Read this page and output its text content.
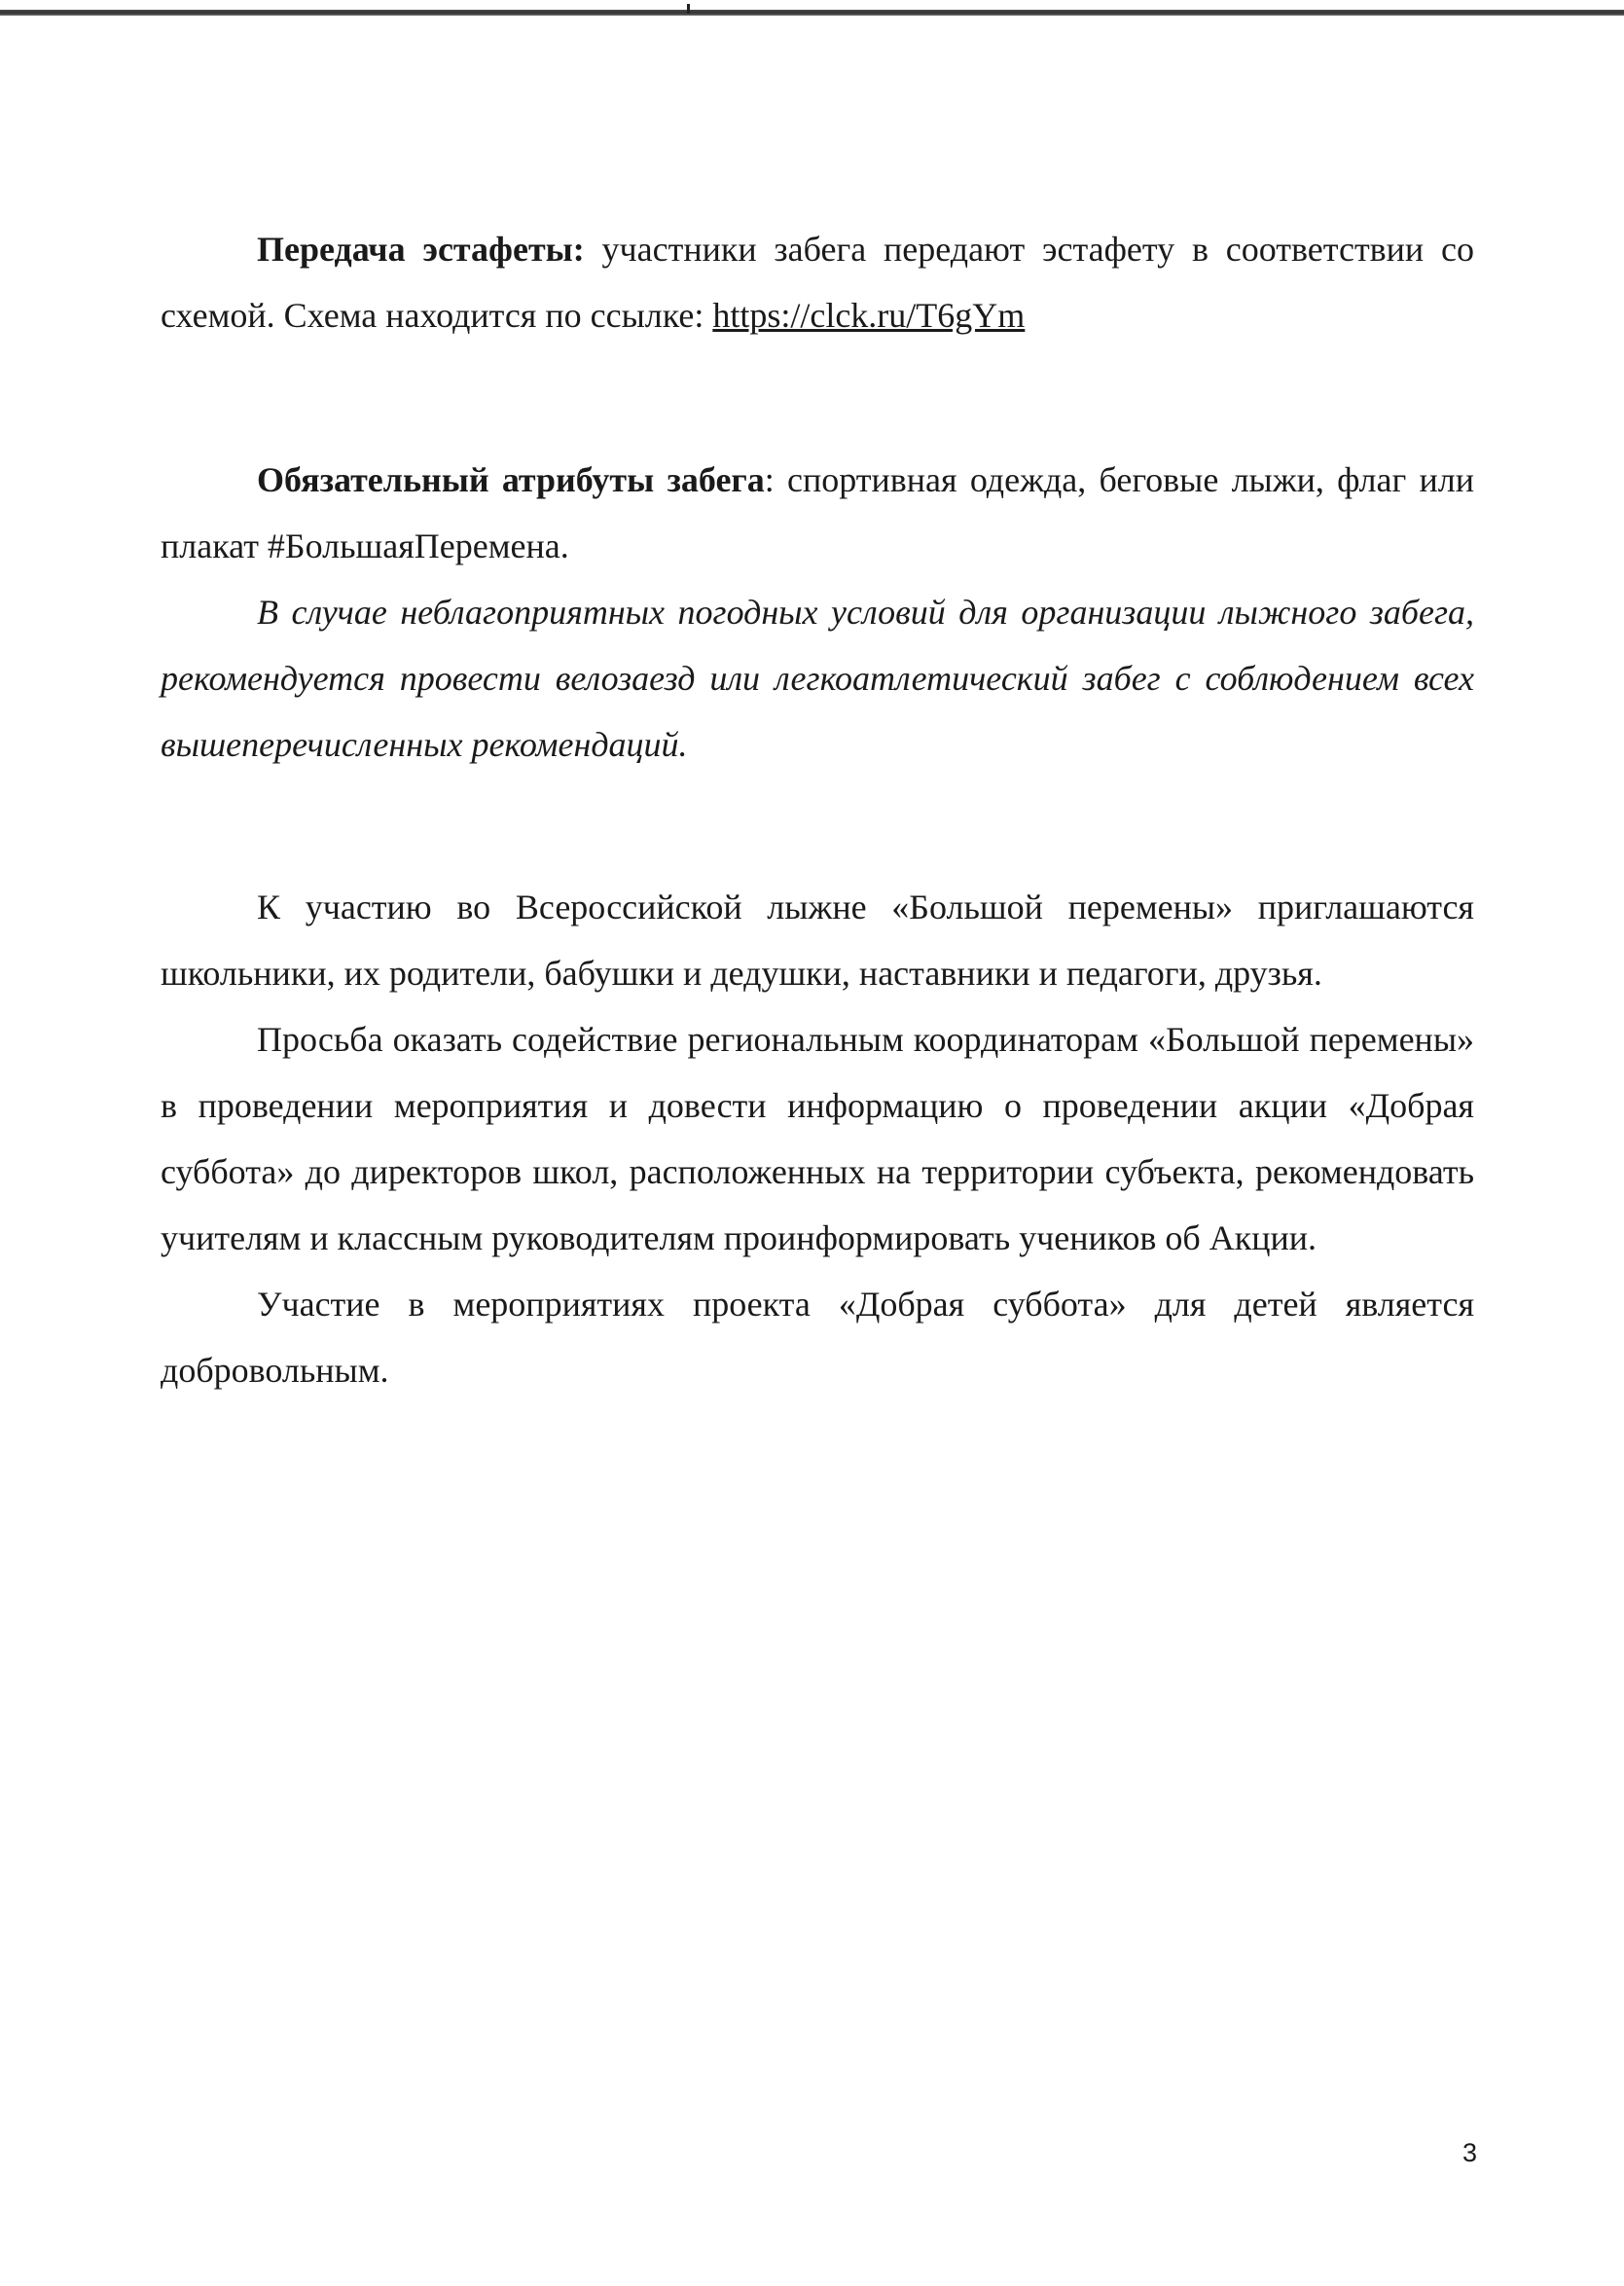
Передача эстафеты: участники забега передают эстафету в соответствии со схемой. Схема находится по ссылке: https://clck.ru/T6gYm

Обязательный атрибуты забега: спортивная одежда, беговые лыжи, флаг или плакат #БольшаяПеремена.

В случае неблагоприятных погодных условий для организации лыжного забега, рекомендуется провести велозаезд или легкоатлетический забег с соблюдением всех вышеперечисленных рекомендаций.

К участию во Всероссийской лыжне «Большой перемены» приглашаются школьники, их родители, бабушки и дедушки, наставники и педагоги, друзья.

Просьба оказать содействие региональным координаторам «Большой перемены» в проведении мероприятия и довести информацию о проведении акции «Добрая суббота» до директоров школ, расположенных на территории субъекта, рекомендовать учителям и классным руководителям проинформировать учеников об Акции.

Участие в мероприятиях проекта «Добрая суббота» для детей является добровольным.

3
